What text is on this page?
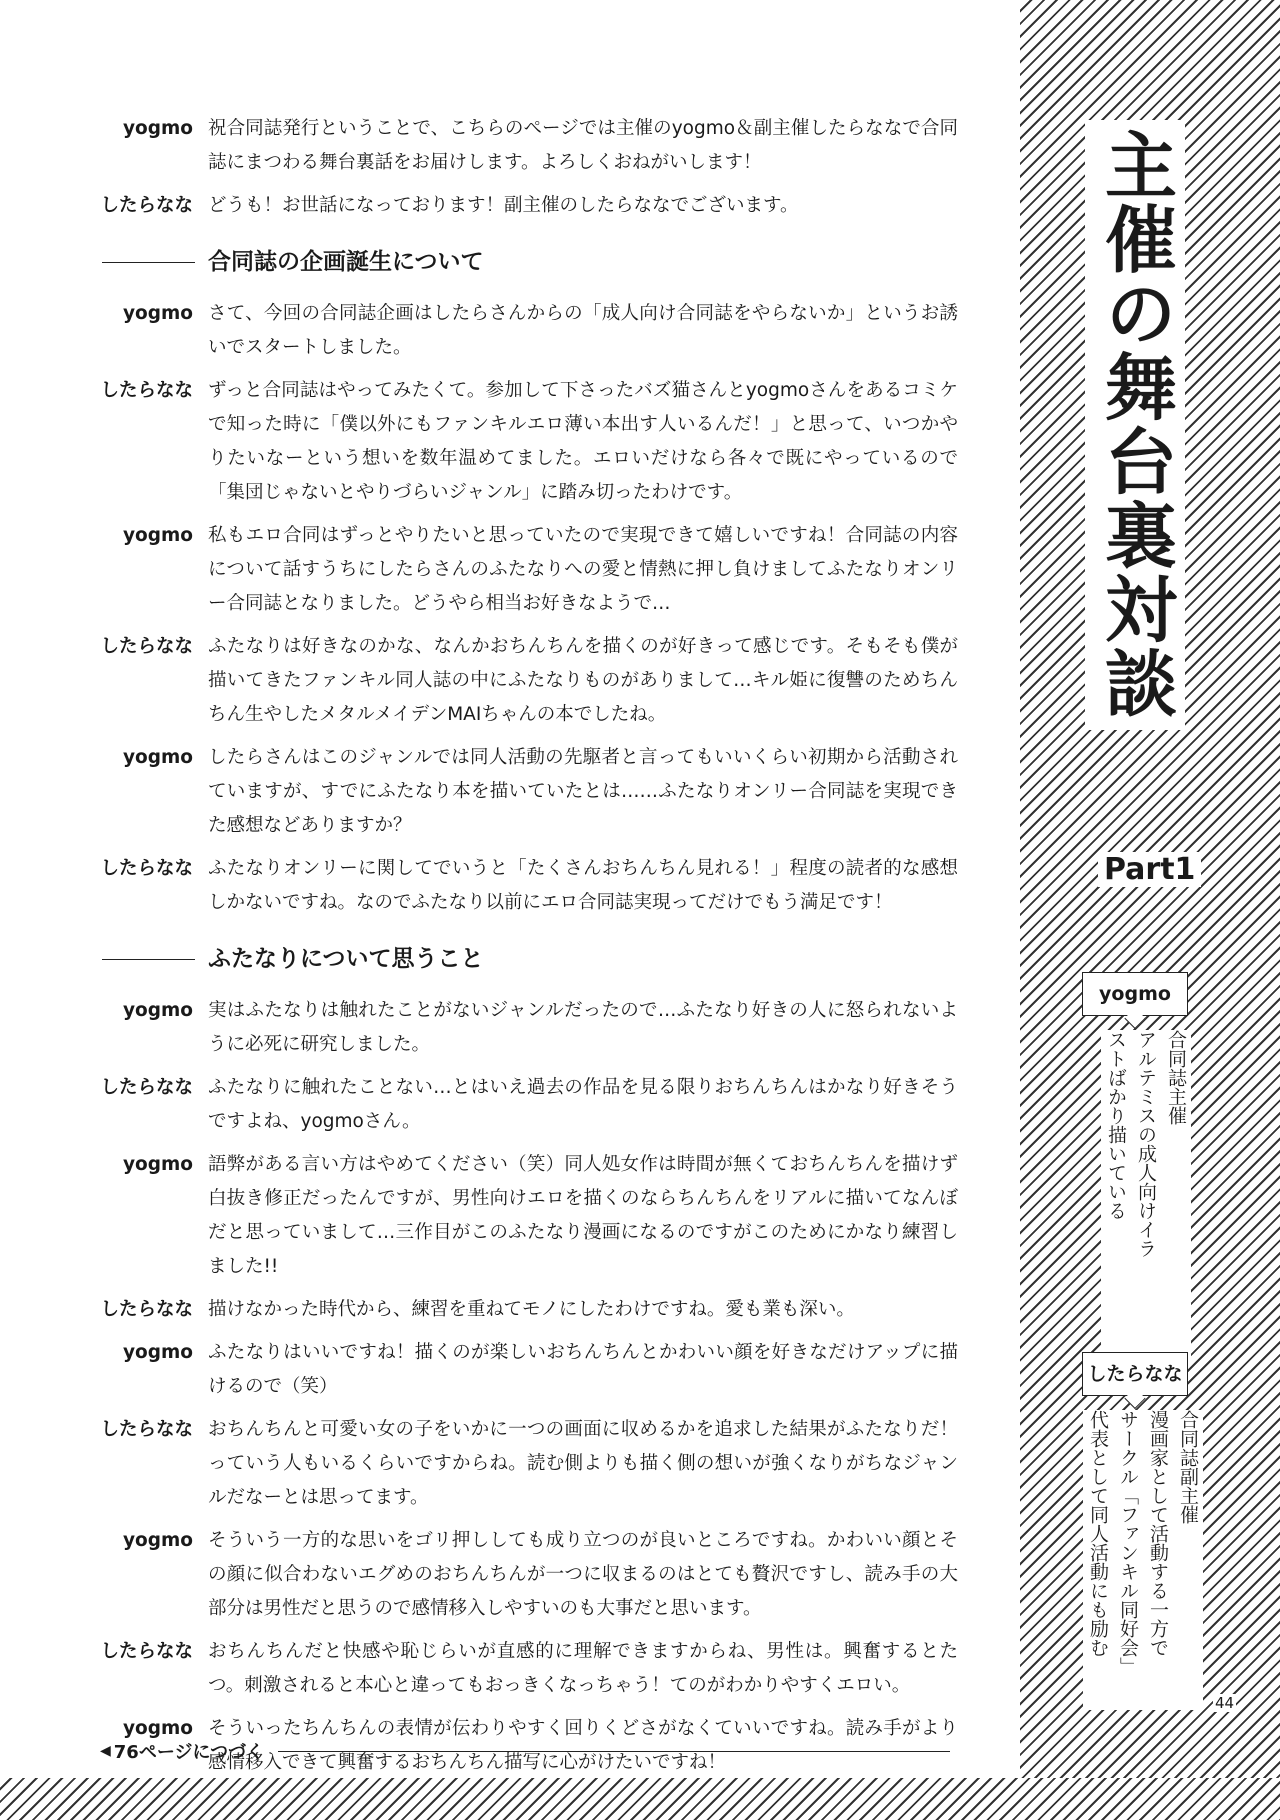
yogmo 祝合同誌発行ということで、こちらのページでは主催のyogmo＆副主催したらななで合同誌にまつわる舞台裏話をお届けします。よろしくおねがいします！
したらなな どうも！お世話になっております！副主催のしたらななでございます。
合同誌の企画誕生について
yogmo さて、今回の合同誌企画はしたらさんからの「成人向け合同誌をやらないか」というお誘いでスタートしました。
したらなな ずっと合同誌はやってみたくて。参加して下さったバズ猫さんとyogmoさんをあるコミケで知った時に「僕以外にもファンキルエロ薄い本出す人いるんだ！」と思って、いつかやりたいなーという想いを数年温めてました。エロいだけなら各々で既にやっているので「集団じゃないとやりづらいジャンル」に踏み切ったわけです。
yogmo 私もエロ合同はずっとやりたいと思っていたので実現できて嬉しいですね！合同誌の内容について話すうちにしたらさんのふたなりへの愛と情熱に押し負けましてふたなりオンリー合同誌となりました。どうやら相当お好きなようで…
したらなな ふたなりは好きなのかな、なんかおちんちんを描くのが好きって感じです。そもそも僕が描いてきたファンキル同人誌の中にふたなりものがありまして…キル姫に復讐のためちんちん生やしたメタルメイデンMAIちゃんの本でしたね。
yogmo したらさんはこのジャンルでは同人活動の先駆者と言ってもいいくらい初期から活動されていますが、すでにふたなり本を描いていたとは……ふたなりオンリー合同誌を実現できた感想などありますか？
したらなな ふたなりオンリーに関してでいうと「たくさんおちんちん見れる！」程度の読者的な感想しかないですね。なのでふたなり以前にエロ合同誌実現ってだけでもう満足です！
ふたなりについて思うこと
yogmo 実はふたなりは触れたことがないジャンルだったので…ふたなり好きの人に怒られないように必死に研究しました。
したらなな ふたなりに触れたことない…とはいえ過去の作品を見る限りおちんちんはかなり好きそうですよね、yogmoさん。
yogmo 語弊がある言い方はやめてください（笑）同人処女作は時間が無くておちんちんを描けず白抜き修正だったんですが、男性向けエロを描くのならちんちんをリアルに描いてなんぼだと思っていまして…三作目がこのふたなり漫画になるのですがこのためにかなり練習しました!!
したらなな 描けなかった時代から、練習を重ねてモノにしたわけですね。愛も業も深い。
yogmo ふたなりはいいですね！描くのが楽しいおちんちんとかわいい顔を好きなだけアップに描けるので（笑）
したらなな おちんちんと可愛い女の子をいかに一つの画面に収めるかを追求した結果がふたなりだ！っていう人もいるくらいですからね。読む側よりも描く側の想いが強くなりがちなジャンルだなーとは思ってます。
yogmo そういう一方的な思いをゴリ押ししても成り立つのが良いところですね。かわいい顔とその顔に似合わないエグめのおちんちんが一つに収まるのはとても贅沢ですし、読み手の大部分は男性だと思うので感情移入しやすいのも大事だと思います。
したらなな おちんちんだと快感や恥じらいが直感的に理解できますからね、男性は。興奮するとたつ。刺激されると本心と違ってもおっきくなっちゃう！てのがわかりやすくエロい。
yogmo そういったちんちんの表情が伝わりやすく回りくどさがなくていいですね。読み手がより感情移入できて興奮するおちんちん描写に心がけたいですね！
主催の舞台裏対談
Part1
yogmo
合同誌主催
アルテミスの成人向けイラ
ストばかり描いている
したらなな
合同誌副主催
漫画家として活動する一方で
サークル「ファンキル同好会」
代表として同人活動にも励む
◀ 76ページにつづく
44
